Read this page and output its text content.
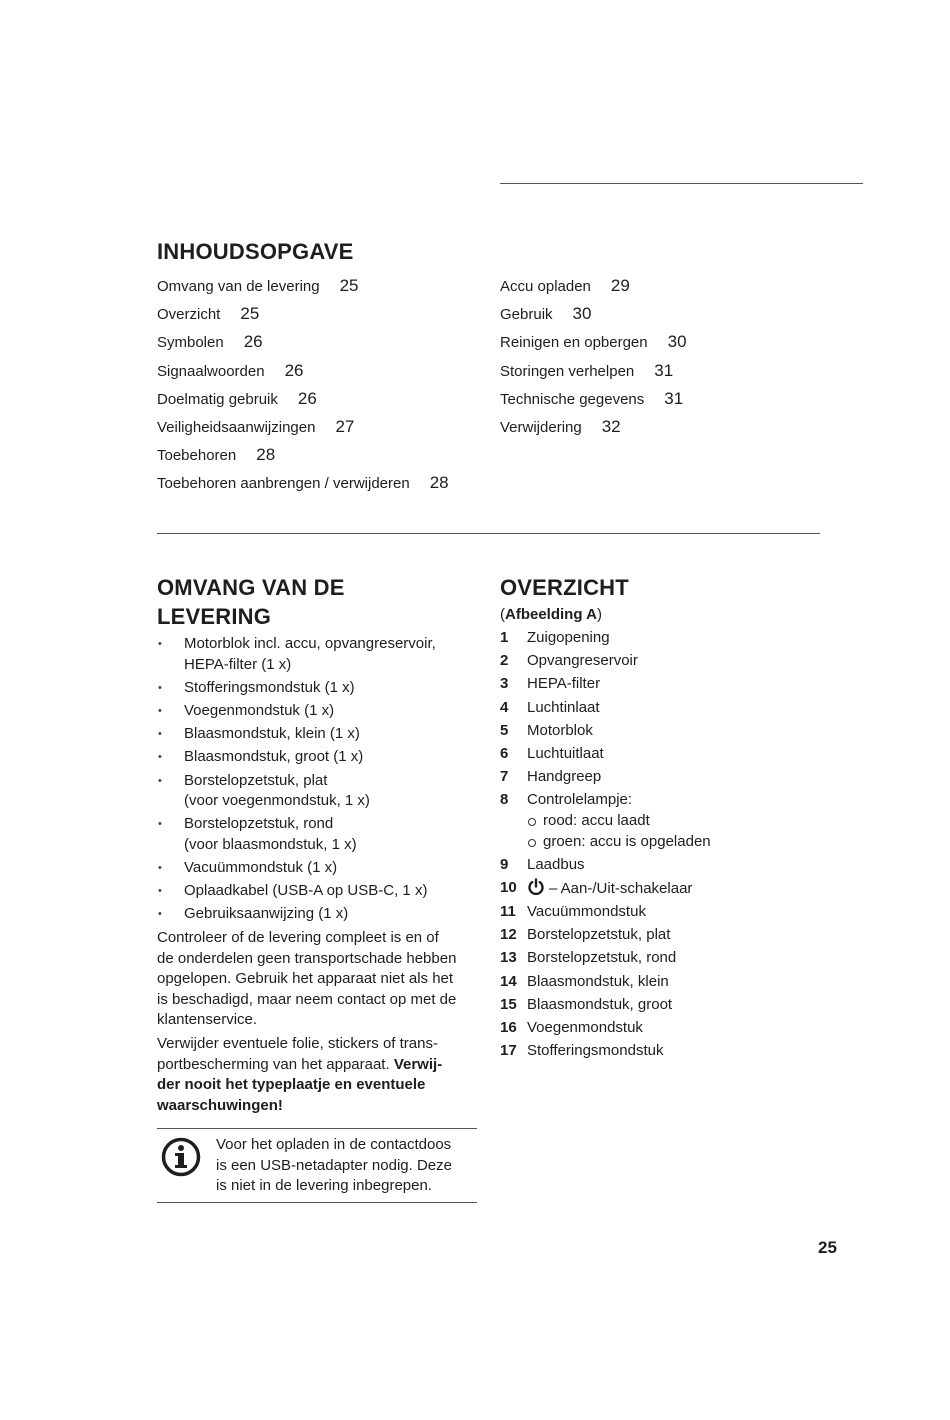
INHOUDSOPGAVE
Omvang van de levering 25
Overzicht 25
Symbolen 26
Signaalwoorden 26
Doelmatig gebruik 26
Veiligheidsaanwijzingen 27
Toebehoren 28
Toebehoren aanbrengen / verwijderen 28
Accu opladen 29
Gebruik 30
Reinigen en opbergen 30
Storingen verhelpen 31
Technische gegevens 31
Verwijdering 32
OMVANG VAN DE
LEVERING
• Motorblok incl. accu, opvangreservoir,
HEPA-filter (1 x)
• Stofferingsmondstuk (1 x)
• Voegenmondstuk (1 x)
• Blaasmondstuk, klein (1 x)
• Blaasmondstuk, groot (1 x)
• Borstelopzetstuk, plat
(voor voegenmondstuk, 1 x)
• Borstelopzetstuk, rond
(voor blaasmondstuk, 1 x)
• Vacuümmondstuk (1 x)
• Oplaadkabel (USB-A op USB-C, 1 x)
• Gebruiksaanwijzing (1 x)
Controleer of de levering compleet is en of
de onderdelen geen transportschade hebben
opgelopen. Gebruik het apparaat niet als het
is beschadigd, maar neem contact op met de
klantenservice.
Verwijder eventuele folie, stickers of trans-
portbescherming van het apparaat. Verwij-
der nooit het typeplaatje en eventuele
waarschuwingen!
Voor het opladen in de contactdoos
is een USB-netadapter nodig. Deze
is niet in de levering inbegrepen.
OVERZICHT
(Afbeelding A)
1 Zuigopening
2 Opvangreservoir
3 HEPA-filter
4 Luchtinlaat
5 Motorblok
6 Luchtuitlaat
7 Handgreep
8 Controlelampje:
rood: accu laadt
groen: accu is opgeladen
9 Laadbus
10 – Aan-/Uit-schakelaar
11 Vacuümmondstuk
12 Borstelopzetstuk, plat
13 Borstelopzetstuk, rond
14 Blaasmondstuk, klein
15 Blaasmondstuk, groot
16 Voegenmondstuk
17 Stofferingsmondstuk
25
